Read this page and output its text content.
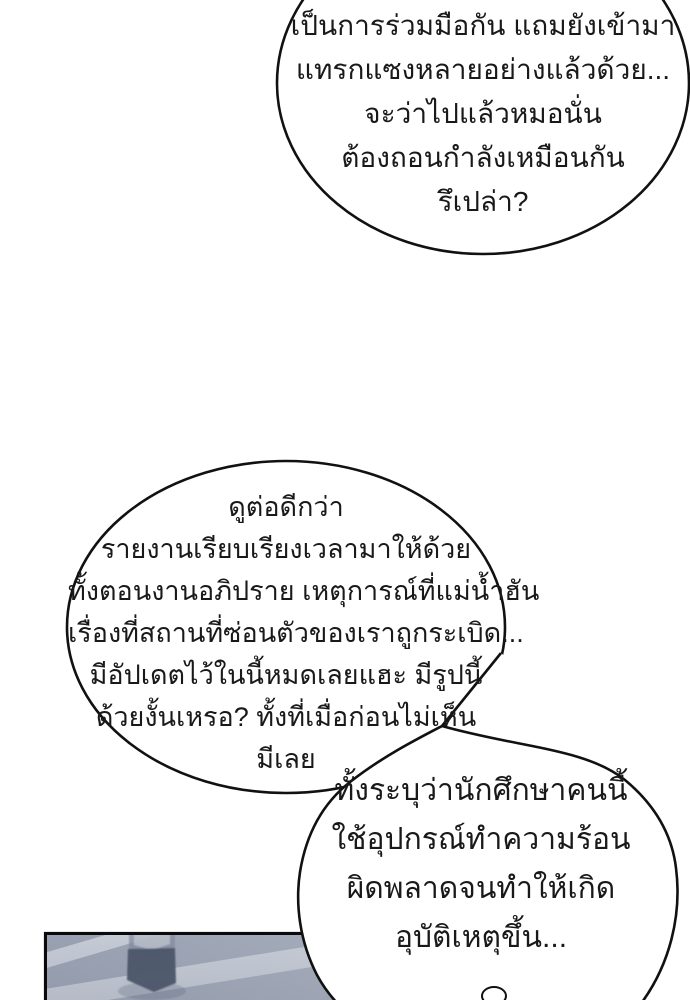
เป็นการร่วมมือกัน แถมยังเข้ามา
แทรกแซงหลายอย่างแล้วด้วย...
จะว่าไปแล้วหมอนั่น
ต้องถอนกำลังเหมือนกัน
รึเปล่า?
ดูต่อดีกว่า
รายงานเรียบเรียงเวลามาให้ด้วย
ทั้งตอนงานอภิปราย เหตุการณ์ที่แม่น้ำฮัน
เรื่องที่สถานที่ซ่อนตัวของเราถูกระเบิด...
มีอัปเดตไว้ในนี้หมดเลยแฮะ มีรูปนี้
ด้วยงั้นเหรอ? ทั้งที่เมื่อก่อนไม่เห็น
มีเลย
ทั้งระบุว่านักศึกษาคนนี้
ใช้อุปกรณ์ทำความร้อน
ผิดพลาดจนทำให้เกิด
อุบัติเหตุขึ้น...
